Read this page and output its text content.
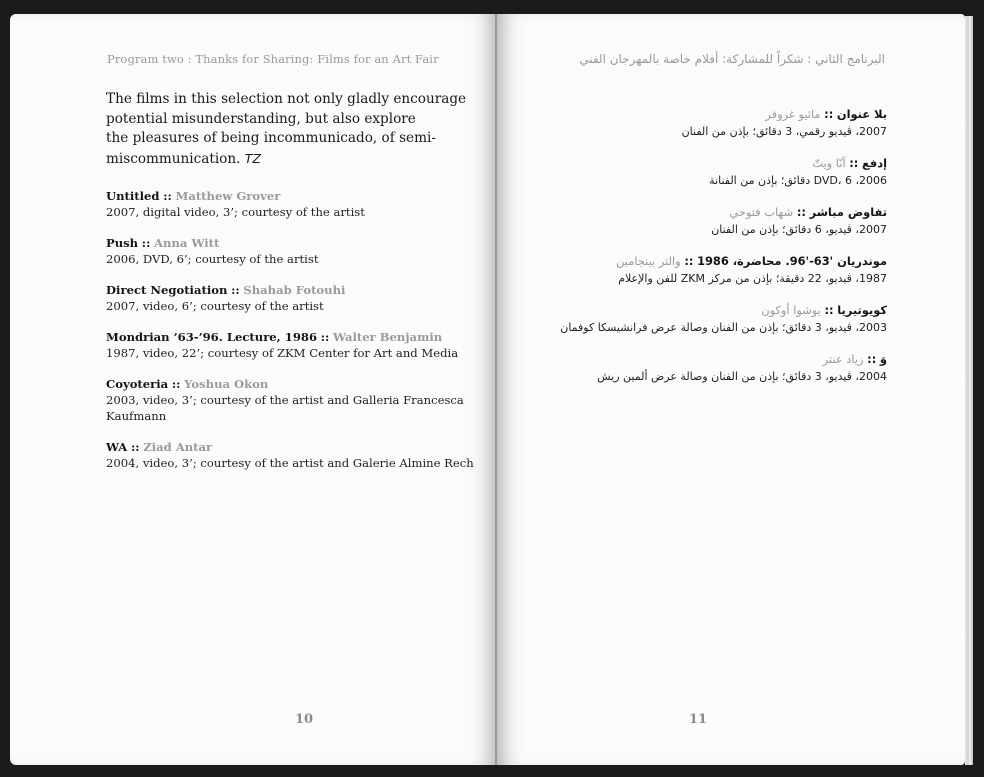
Program two : Thanks for Sharing: Films for an Art Fair
The films in this selection not only gladly encourage
potential misunderstanding, but also explore
the pleasures of being incommunicado, of semi-
miscommunication. TZ
Untitled :: Matthew Grover
2007, digital video, 3’; courtesy of the artist
Push :: Anna Witt
2006, DVD, 6’; courtesy of the artist
Direct Negotiation :: Shahab Fotouhi
2007, video, 6’; courtesy of the artist
Mondrian ’63-’96. Lecture, 1986 :: Walter Benjamin
1987, video, 22’; courtesy of ZKM Center for Art and Media
Coyoteria :: Yoshua Okon
2003, video, 3’; courtesy of the artist and Galleria Francesca Kaufmann
WA :: Ziad Antar
2004, video, 3’; courtesy of the artist and Galerie Almine Rech
10
البرنامج الثاني : شكراً للمشاركة: أفلام خاصة بالمهرجان الفني
بلا عنوان :: ماثيو غروفر
2007، ڤيديو رقمي، 3 دقائق؛ بإذن من الفنان
إدفع :: آنّا ويتّ
2006، DVD، 6 دقائق؛ بإذن من الفنانة
تفاوض مباشر :: شهاب فتوحي
2007، ڤيديو، 6 دقائق؛ بإذن من الفنان
موندريان '63-'96. محاضرة، 1986 :: والتر بينجامين
1987، ڤيديو، 22 دقيقة؛ بإذن من مركز ZKM للفن والإعلام
كويوتيريا :: يوشوا أوكون
2003، ڤيديو، 3 دقائق؛ بإذن من الفنان وصالة عرض فرانشيسكا كوفمان
وَ :: زياد عنتر
2004، ڤيديو، 3 دقائق؛ بإذن من الفنان وصالة عرض ألمين ريش
11
